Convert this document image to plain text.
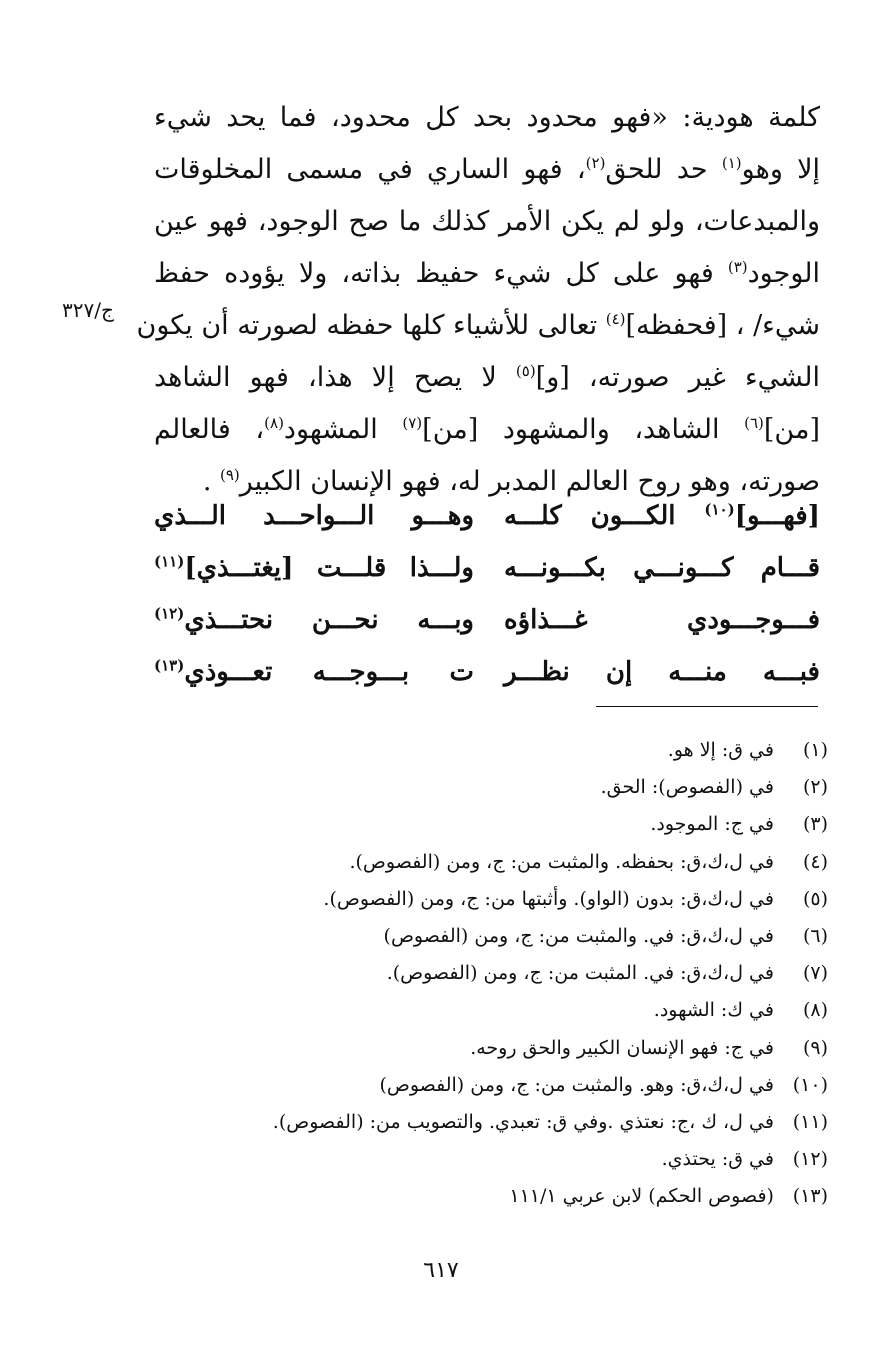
ج/٣٢٧
كلمة هودية: «فهو محدود بحد كل محدود، فما يحد شيء
إلا وهو$^{(١)}$ حد للحق$^{(٢)}$، فهو الساري في مسمى المخلوقات
والمبدعات، ولو لم يكن الأمر كذلك ما صح الوجود، فهو عين
الوجود$^{(٣)}$ فهو على كل شيء حفيظ بذاته، ولا يؤوده حفظ
شيء/ ، [فحفظه]$^{(٤)}$ تعالى للأشياء كلها حفظه لصورته أن يكون
الشيء غير صورته، [و]$^{(٥)}$ لا يصح إلا هذا، فهو الشاهد
[من]$^{(٦)}$ الشاهد، والمشهود [من]$^{(٧)}$ المشهود$^{(٨)}$، فالعالم
صورته، وهو روح العالم المدبر له، فهو الإنسان الكبير$^{(٩)}$ .
[فهـــو]$^{(١٠)}$ الكـــون كلـــه
وهـــو الـــواحـــد الـــذي
قـــام كـــونـــي بكـــونـــه
ولـــذا قلـــت [يغتـــذي]$^{(١١)}$
فـــوجـــودي غـــذاؤه
وبـــه نحـــن نحتـــذي$^{(١٢)}$
فبـــه منـــه إن نظـــر
ت بـــوجـــه تعـــوذي$^{(١٣)}$
(١) في ق: إلا هو.
(٢) في (الفصوص): الحق.
(٣) في ج: الموجود.
(٤) في ل،ك،ق: بحفظه. والمثبت من: ج، ومن (الفصوص).
(٥) في ل،ك،ق: بدون (الواو). وأثبتها من: ج، ومن (الفصوص).
(٦) في ل،ك،ق: في. والمثبت من: ج، ومن (الفصوص)
(٧) في ل،ك،ق: في. المثبت من: ج، ومن (الفصوص).
(٨) في ك: الشهود.
(٩) في ج: فهو الإنسان الكبير والحق روحه.
(١٠) في ل،ك،ق: وهو. والمثبت من: ج، ومن (الفصوص)
(١١) في ل، ك ،ج: نعتذي .وفي ق: تعبدي. والتصويب من: (الفصوص).
(١٢) في ق: يحتذي.
(١٣) (فصوص الحكم) لابن عربي ١١١/١
٦١٧
